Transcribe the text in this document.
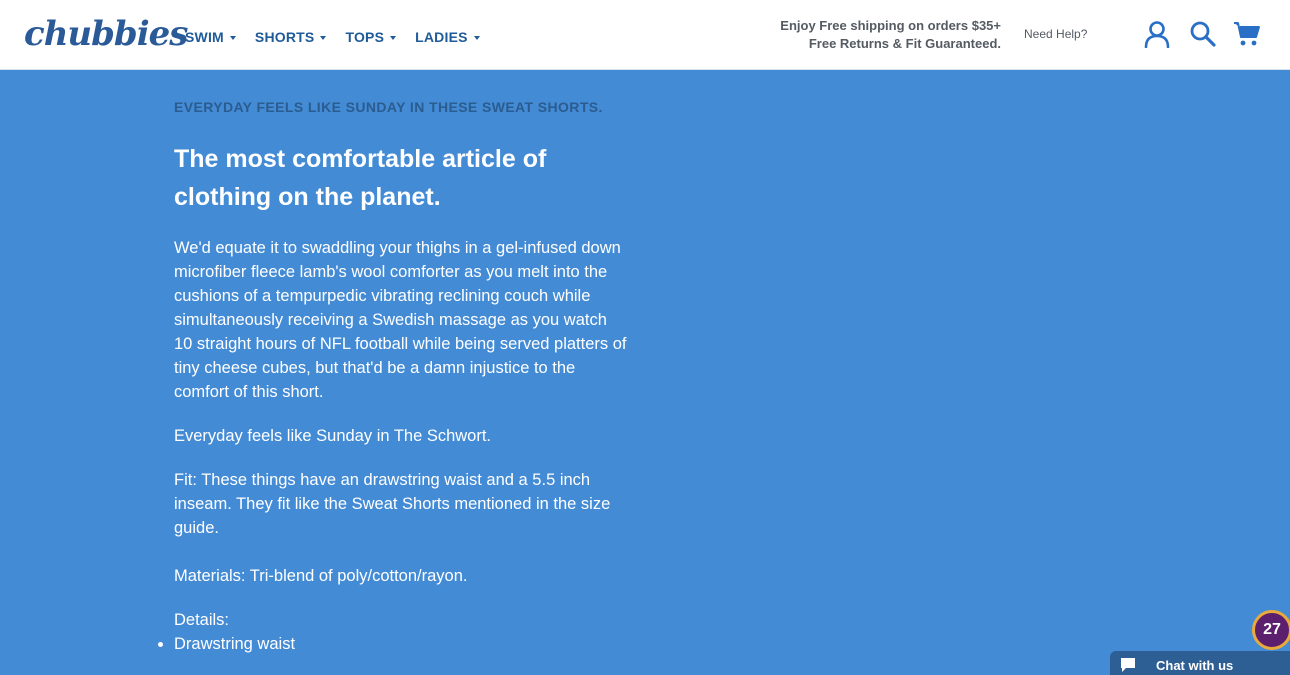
chubbies
SWIM SHORTS TOPS LADIES
Enjoy Free shipping on orders $35+
Free Returns & Fit Guaranteed.
Need Help?

EVERYDAY FEELS LIKE SUNDAY IN THESE SWEAT SHORTS.

The most comfortable article of clothing on the planet.

We'd equate it to swaddling your thighs in a gel-infused down microfiber fleece lamb's wool comforter as you melt into the cushions of a tempurpedic vibrating reclining couch while simultaneously receiving a Swedish massage as you watch 10 straight hours of NFL football while being served platters of tiny cheese cubes, but that'd be a damn injustice to the comfort of this short.

Everyday feels like Sunday in The Schwort.

Fit: These things have an drawstring waist and a 5.5 inch inseam. They fit like the Sweat Shorts mentioned in the size guide.

Materials: Tri-blend of poly/cotton/rayon.

Details:

Drawstring waist
27
Chat with us
